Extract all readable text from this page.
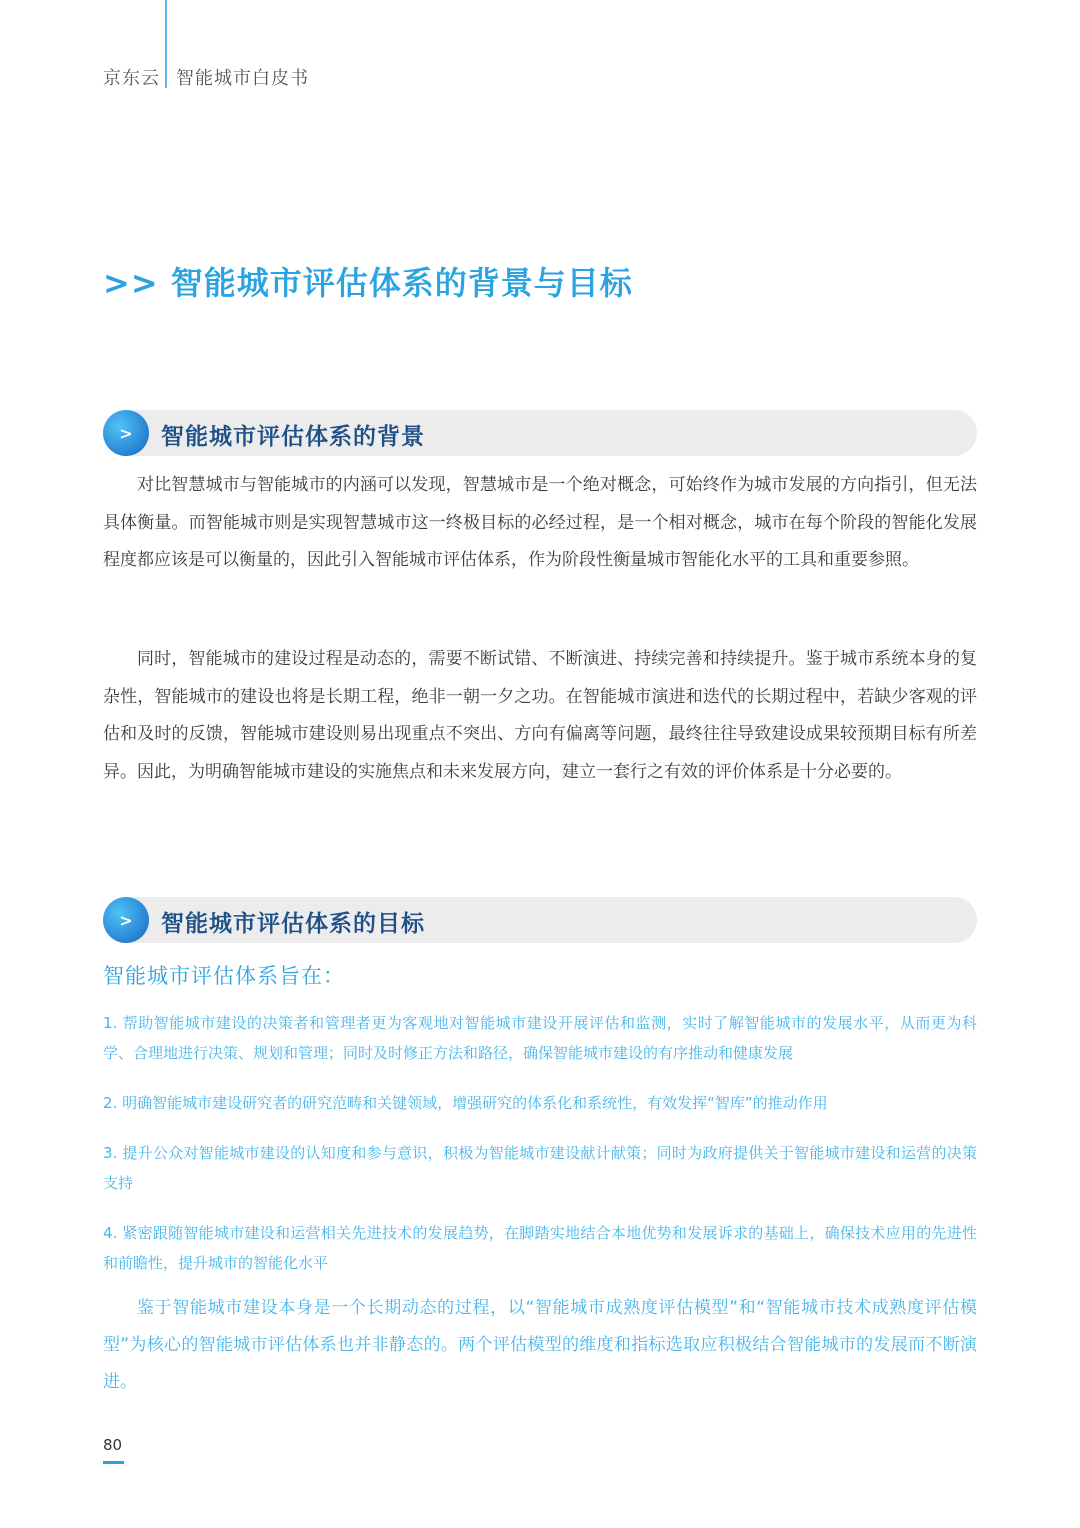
京东云 智能城市白皮书
>> 智能城市评估体系的背景与目标
>	智能城市评估体系的背景

对比智慧城市与智能城市的内涵可以发现，智慧城市是一个绝对概念，可始终作为城市发展的方向指引，但无法具体衡量。而智能城市则是实现智慧城市这一终极目标的必经过程，是一个相对概念，城市在每个阶段的智能化发展程度都应该是可以衡量的，因此引入智能城市评估体系，作为阶段性衡量城市智能化水平的工具和重要参照。

同时，智能城市的建设过程是动态的，需要不断试错、不断演进、持续完善和持续提升。鉴于城市系统本身的复杂性，智能城市的建设也将是长期工程，绝非一朝一夕之功。在智能城市演进和迭代的长期过程中，若缺少客观的评估和及时的反馈，智能城市建设则易出现重点不突出、方向有偏离等问题，最终往往导致建设成果较预期目标有所差异。因此，为明确智能城市建设的实施焦点和未来发展方向，建立一套行之有效的评价体系是十分必要的。

>	智能城市评估体系的目标
智能城市评估体系旨在：

1. 帮助智能城市建设的决策者和管理者更为客观地对智能城市建设开展评估和监测，实时了解智能城市的发展水平，从而更为科学、合理地进行决策、规划和管理；同时及时修正方法和路径，确保智能城市建设的有序推动和健康发展

2. 明确智能城市建设研究者的研究范畴和关键领域，增强研究的体系化和系统性，有效发挥“智库”的推动作用

3. 提升公众对智能城市建设的认知度和参与意识，积极为智能城市建设献计献策；同时为政府提供关于智能城市建设和运营的决策支持

4. 紧密跟随智能城市建设和运营相关先进技术的发展趋势，在脚踏实地结合本地优势和发展诉求的基础上，确保技术应用的先进性和前瞻性，提升城市的智能化水平

鉴于智能城市建设本身是一个长期动态的过程，以“智能城市成熟度评估模型”和“智能城市技术成熟度评估模型”为核心的智能城市评估体系也并非静态的。两个评估模型的维度和指标选取应积极结合智能城市的发展而不断演进。

80
